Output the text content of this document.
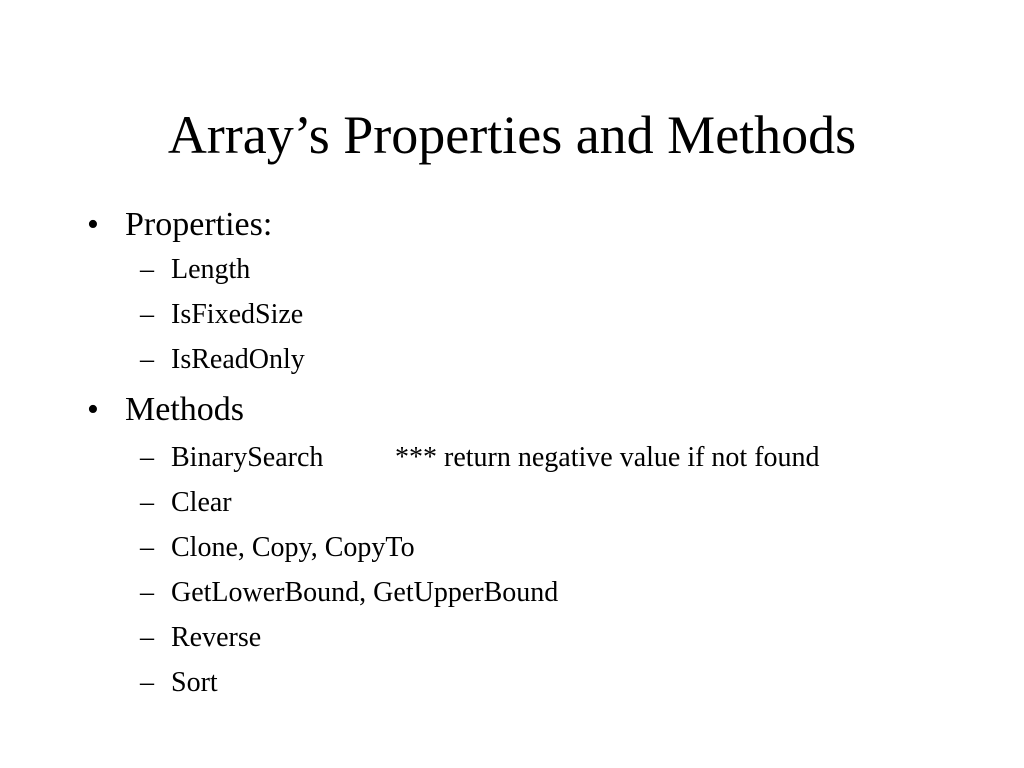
Array’s Properties and Methods
• Properties:
– Length
– IsFixedSize
– IsReadOnly
• Methods
– BinarySearch	*** return negative value if not found
– Clear
– Clone, Copy, CopyTo
– GetLowerBound, GetUpperBound
– Reverse
– Sort
